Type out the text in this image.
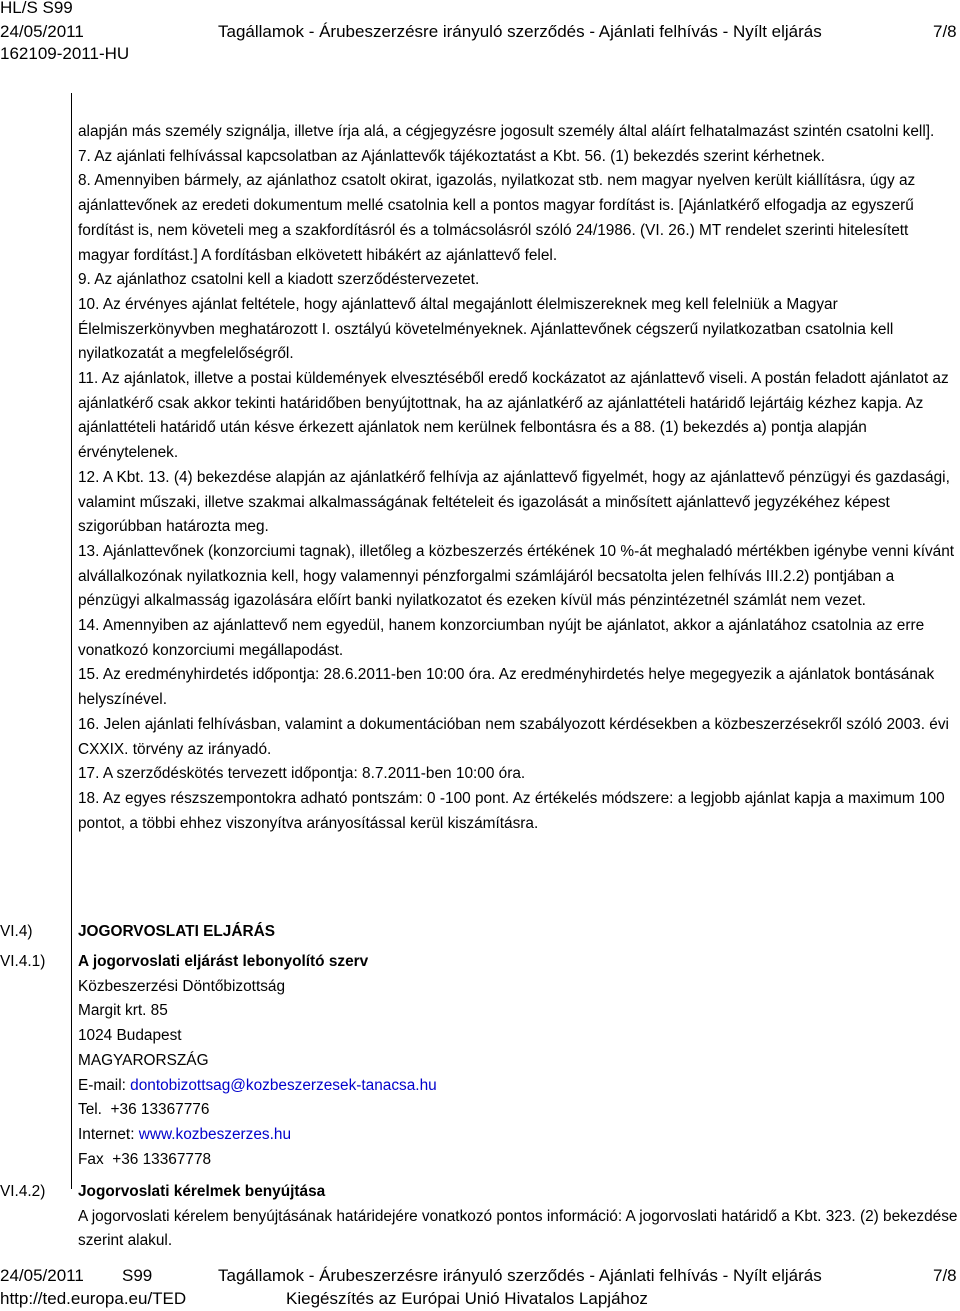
HL/S S99
24/05/2011	Tagállamok - Árubeszerzésre irányuló szerződés - Ajánlati felhívás - Nyílt eljárás	7/8
162109-2011-HU

alapján más személy szignálja, illetve írja alá, a cégjegyzésre jogosult személy által aláírt felhatalmazást szintén csatolni kell].

7. Az ajánlati felhívással kapcsolatban az Ajánlattevők tájékoztatást a Kbt. 56. (1) bekezdés szerint kérhetnek.

8. Amennyiben bármely, az ajánlathoz csatolt okirat, igazolás, nyilatkozat stb. nem magyar nyelven került kiállításra, úgy az ajánlattevőnek az eredeti dokumentum mellé csatolnia kell a pontos magyar fordítást is. [Ajánlatkérő elfogadja az egyszerű fordítást is, nem követeli meg a szakfordításról és a tolmácsolásról szóló 24/1986. (VI. 26.) MT rendelet szerinti hitelesített magyar fordítást.] A fordításban elkövetett hibákért az ajánlattevő felel.

9. Az ajánlathoz csatolni kell a kiadott szerződéstervezetet.

10. Az érvényes ajánlat feltétele, hogy ajánlattevő által megajánlott élelmiszereknek meg kell felelniük a Magyar Élelmiszerkönyvben meghatározott I. osztályú követelményeknek. Ajánlattevőnek cégszerű nyilatkozatban csatolnia kell nyilatkozatát a megfelelőségről.

11. Az ajánlatok, illetve a postai küldemények elvesztéséből eredő kockázatot az ajánlattevő viseli. A postán feladott ajánlatot az ajánlatkérő csak akkor tekinti határidőben benyújtottnak, ha az ajánlatkérő az ajánlattételi határidő lejártáig kézhez kapja. Az ajánlattételi határidő után késve érkezett ajánlatok nem kerülnek felbontásra és a 88. (1) bekezdés a) pontja alapján érvénytelenek.

12. A Kbt. 13. (4) bekezdése alapján az ajánlatkérő felhívja az ajánlattevő figyelmét, hogy az ajánlattevő pénzügyi és gazdasági, valamint műszaki, illetve szakmai alkalmasságának feltételeit és igazolását a minősített ajánlattevő jegyzékéhez képest szigorúbban határozta meg.

13. Ajánlattevőnek (konzorciumi tagnak), illetőleg a közbeszerzés értékének 10 %-át meghaladó mértékben igénybe venni kívánt alvállalkozónak nyilatkoznia kell, hogy valamennyi pénzforgalmi számlájáról becsatolta jelen felhívás III.2.2) pontjában a pénzügyi alkalmasság igazolására előírt banki nyilatkozatot és ezeken kívül más pénzintézetnél számlát nem vezet.

14. Amennyiben az ajánlattevő nem egyedül, hanem konzorciumban nyújt be ajánlatot, akkor a ajánlatához csatolnia az erre vonatkozó konzorciumi megállapodást.

15. Az eredményhirdetés időpontja: 28.6.2011-ben 10:00 óra. Az eredményhirdetés helye megegyezik a ajánlatok bontásának helyszínével.

16. Jelen ajánlati felhívásban, valamint a dokumentációban nem szabályozott kérdésekben a közbeszerzésekről szóló 2003. évi CXXIX. törvény az irányadó.

17. A szerződéskötés tervezett időpontja: 8.7.2011-ben 10:00 óra.

18. Az egyes részszempontokra adható pontszám: 0 -100 pont. Az értékelés módszere: a legjobb ajánlat kapja a maximum 100 pontot, a többi ehhez viszonyítva arányosítással kerül kiszámításra.

VI.4)	JOGORVOSLATI ELJÁRÁS
VI.4.1) A jogorvoslati eljárást lebonyolító szerv
Közbeszerzési Döntőbizottság
Margit krt. 85
1024 Budapest
MAGYARORSZÁG
E-mail: dontobizottsag@kozbeszerzesek-tanacsa.hu
Tel.  +36 13367776
Internet: www.kozbeszerzes.hu
Fax  +36 13367778
VI.4.2) Jogorvoslati kérelmek benyújtása
A jogorvoslati kérelem benyújtásának határidejére vonatkozó pontos információ: A jogorvoslati határidő a Kbt. 323. (2) bekezdése szerint alakul.
24/05/2011 S99	Tagállamok - Árubeszerzésre irányuló szerződés - Ajánlati felhívás - Nyílt eljárás	7/8
http://ted.europa.eu/TED	Kiegészítés az Európai Unió Hivatalos Lapjához
